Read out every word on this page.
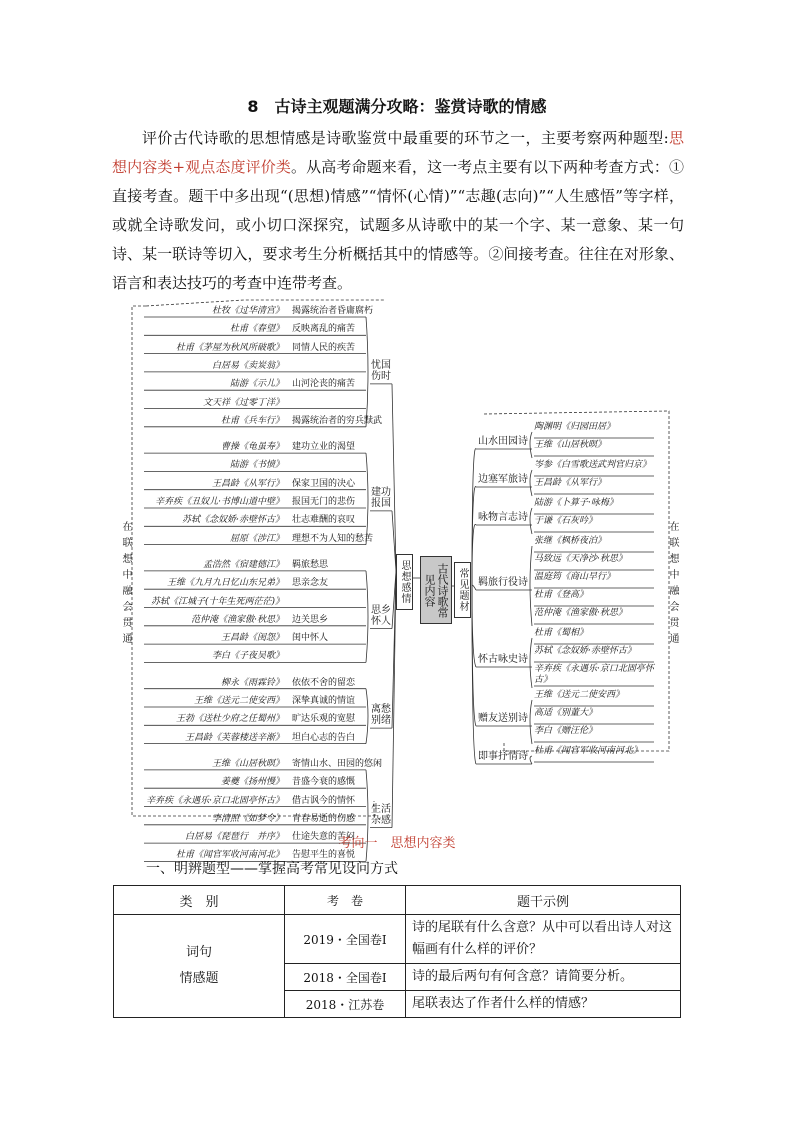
8　古诗主观题满分攻略：鉴赏诗歌的情感

评价古代诗歌的思想情感是诗歌鉴赏中最重要的环节之一，主要考察两种题型:思想内容类+观点态度评价类。从高考命题来看，这一考点主要有以下两种考查方式：①直接考查。题干中多出现“(思想)情感”“情怀(心情)”“志趣(志向)”“人生感悟”等字样，或就全诗歌发问，或小切口深探究，试题多从诗歌中的某一个字、某一意象、某一句诗、某一联诗等切入，要求考生分析概括其中的情感等。②间接考查。往往在对形象、语言和表达技巧的考查中连带考查。

在联想中融会贯通	在联想中融会贯通
杜牧《过华清宫》 揭露统治者昏庸腐朽
杜甫《春望》 反映离乱的痛苦
杜甫《茅屋为秋风所破歌》 同情人民的疾苦
白居易《卖炭翁》
陆游《示儿》 山河沦丧的痛苦
文天祥《过零丁洋》
杜甫《兵车行》 揭露统治者的穷兵黩武
忧国伤时
曹操《龟虽寿》 建功立业的渴望
陆游《书愤》
王昌龄《从军行》 保家卫国的决心
辛弃疾《丑奴儿·书博山道中壁》 报国无门的悲伤
苏轼《念奴娇·赤壁怀古》 壮志难酬的哀叹
屈原《涉江》 理想不为人知的愁苦
建功报国
孟浩然《宿建德江》 羁旅愁思
王维《九月九日忆山东兄弟》 思亲念友
苏轼《江城子(十年生死两茫茫)》
范仲淹《渔家傲·秋思》 边关思乡
王昌龄《闺怨》 闺中怀人
李白《子夜吴歌》
思乡怀人
柳永《雨霖铃》 依依不舍的留恋
王维《送元二使安西》 深挚真诚的情谊
王勃《送杜少府之任蜀州》 旷达乐观的宽慰
王昌龄《芙蓉楼送辛渐》 坦白心志的告白
离愁别绪
王维《山居秋暝》 寄情山水、田园的悠闲
姜夔《扬州慢》 昔盛今衰的感慨
辛弃疾《永遇乐·京口北固亭怀古》 借古讽今的情怀
李清照《如梦令》 青春易逝的伤感
白居易《琵琶行　并序》 仕途失意的苦闷
杜甫《闻官军收河南河北》 告慰平生的喜悦
生活杂感
思想感情	古代诗歌常见内容	常见题材
陶渊明《归园田居》
王维《山居秋暝》
山水田园诗
岑参《白雪歌送武判官归京》
王昌龄《从军行》
边塞军旅诗
陆游《卜算子·咏梅》
于谦《石灰吟》
咏物言志诗
张继《枫桥夜泊》
马致远《天净沙·秋思》
温庭筠《商山早行》
杜甫《登高》
范仲淹《渔家傲·秋思》
羁旅行役诗
杜甫《蜀相》
苏轼《念奴娇·赤壁怀古》
辛弃疾《永遇乐·京口北固亭怀古》
怀古咏史诗
王维《送元二使安西》
高适《别董大》
李白《赠汪伦》
赠友送别诗
杜甫《闻官军收河南河北》
即事抒情诗
考向一　思想内容类
一、明辨题型——掌握高考常见设问方式
类　别	考　卷	题干示例
词句
情感题	2019・全国卷Ⅰ	诗的尾联有什么含意？从中可以看出诗人对这幅画有什么样的评价？
	2018・全国卷Ⅰ	诗的最后两句有何含意？请简要分析。
	2018・江苏卷	尾联表达了作者什么样的情感？
